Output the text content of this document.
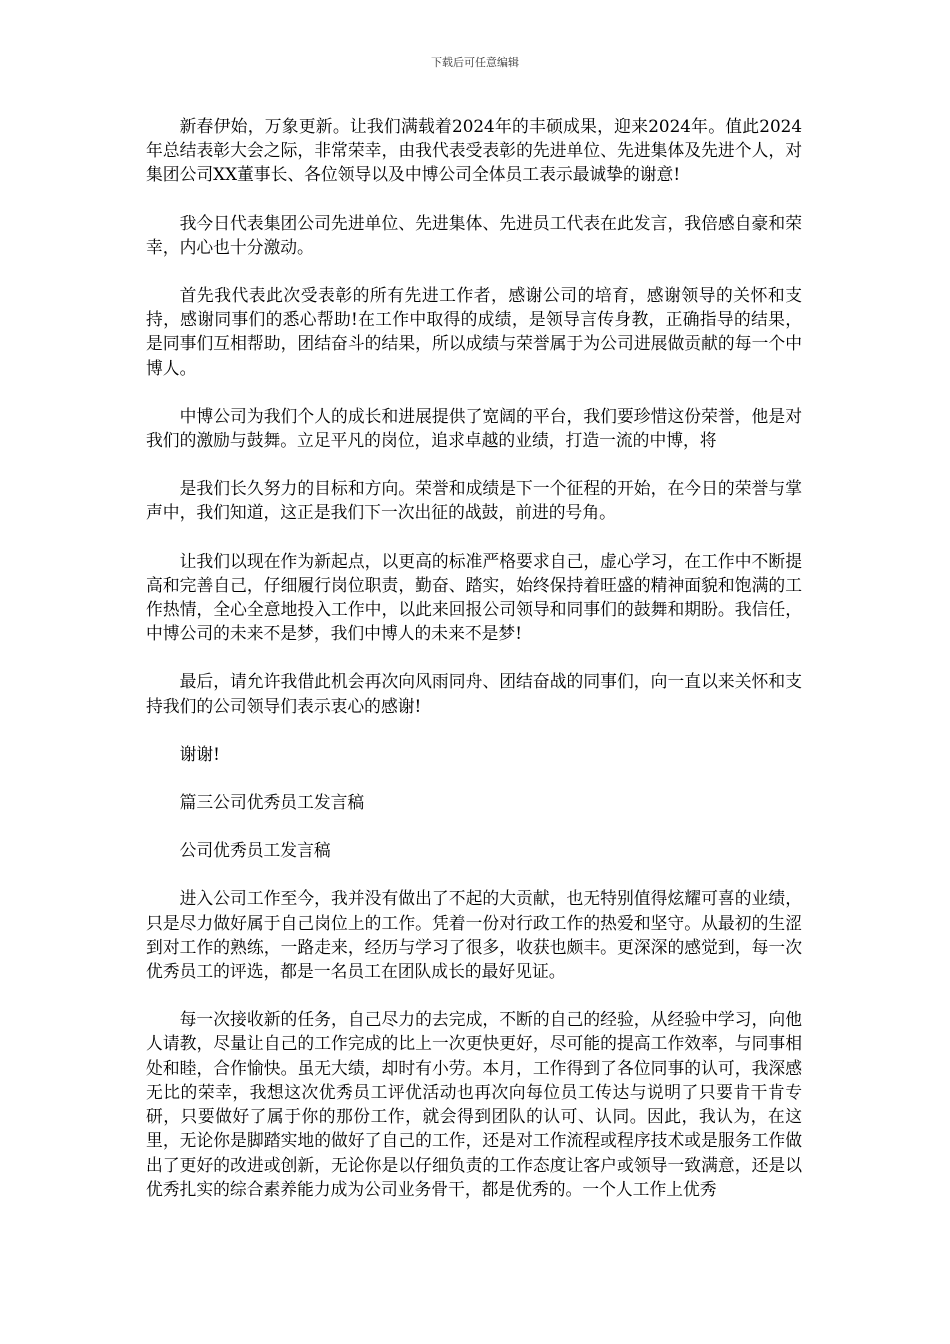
下载后可任意编辑

新春伊始，万象更新。让我们满载着2024年的丰硕成果，迎来2024年。值此2024年总结表彰大会之际，非常荣幸，由我代表受表彰的先进单位、先进集体及先进个人，对集团公司XX董事长、各位领导以及中博公司全体员工表示最诚挚的谢意!

我今日代表集团公司先进单位、先进集体、先进员工代表在此发言，我倍感自豪和荣幸，内心也十分激动。

首先我代表此次受表彰的所有先进工作者，感谢公司的培育，感谢领导的关怀和支持，感谢同事们的悉心帮助!在工作中取得的成绩，是领导言传身教，正确指导的结果，是同事们互相帮助，团结奋斗的结果，所以成绩与荣誉属于为公司进展做贡献的每一个中博人。

中博公司为我们个人的成长和进展提供了宽阔的平台，我们要珍惜这份荣誉，他是对我们的激励与鼓舞。立足平凡的岗位，追求卓越的业绩，打造一流的中博，将

是我们长久努力的目标和方向。荣誉和成绩是下一个征程的开始，在今日的荣誉与掌声中，我们知道，这正是我们下一次出征的战鼓，前进的号角。

让我们以现在作为新起点，以更高的标准严格要求自己，虚心学习，在工作中不断提高和完善自己，仔细履行岗位职责，勤奋、踏实，始终保持着旺盛的精神面貌和饱满的工作热情，全心全意地投入工作中，以此来回报公司领导和同事们的鼓舞和期盼。我信任，中博公司的未来不是梦，我们中博人的未来不是梦!

最后，请允许我借此机会再次向风雨同舟、团结奋战的同事们，向一直以来关怀和支持我们的公司领导们表示衷心的感谢!

谢谢!

篇三公司优秀员工发言稿

公司优秀员工发言稿

进入公司工作至今，我并没有做出了不起的大贡献，也无特别值得炫耀可喜的业绩，只是尽力做好属于自己岗位上的工作。凭着一份对行政工作的热爱和坚守。从最初的生涩到对工作的熟练，一路走来，经历与学习了很多，收获也颇丰。更深深的感觉到，每一次优秀员工的评选，都是一名员工在团队成长的最好见证。

每一次接收新的任务，自己尽力的去完成，不断的自己的经验，从经验中学习，向他人请教，尽量让自己的工作完成的比上一次更快更好，尽可能的提高工作效率，与同事相处和睦，合作愉快。虽无大绩，却时有小劳。本月，工作得到了各位同事的认可，我深感无比的荣幸，我想这次优秀员工评优活动也再次向每位员工传达与说明了只要肯干肯专研，只要做好了属于你的那份工作，就会得到团队的认可、认同。因此，我认为，在这里，无论你是脚踏实地的做好了自己的工作，还是对工作流程或程序技术或是服务工作做出了更好的改进或创新，无论你是以仔细负责的工作态度让客户或领导一致满意，还是以优秀扎实的综合素养能力成为公司业务骨干，都是优秀的。一个人工作上优秀
